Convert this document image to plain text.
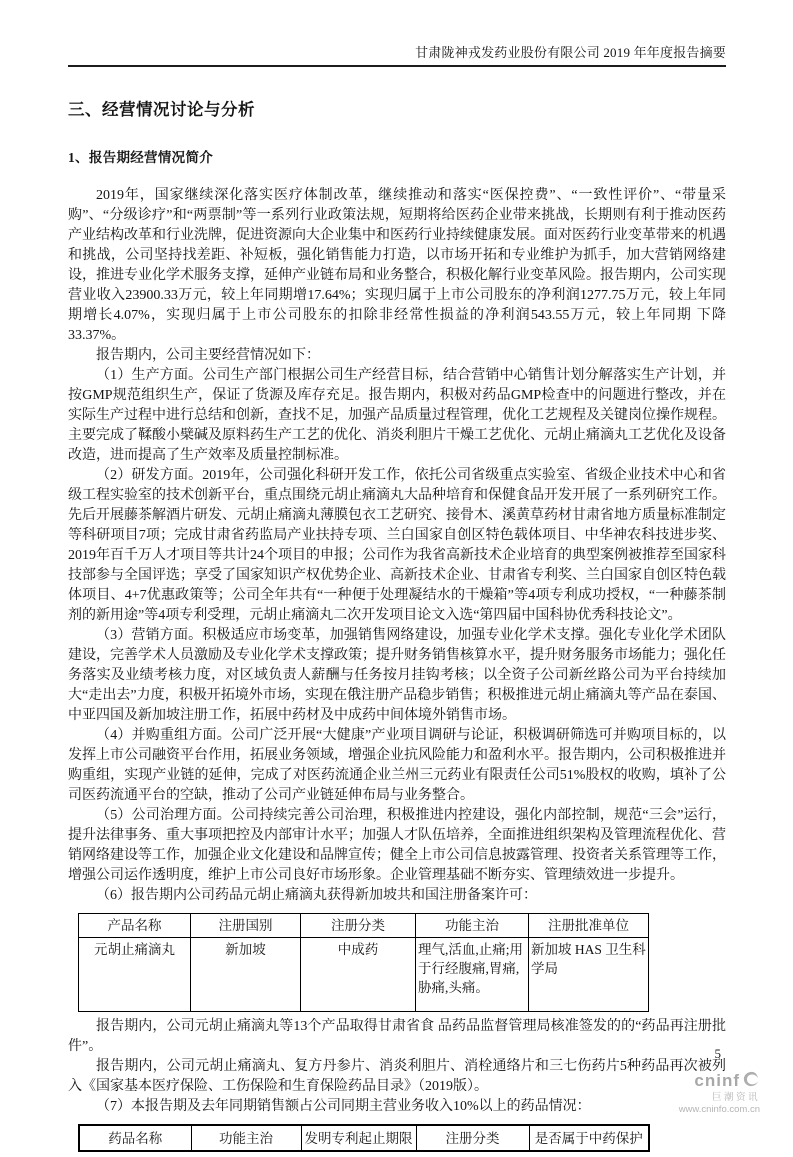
甘肃陇神戎发药业股份有限公司 2019 年年度报告摘要
三、经营情况讨论与分析
1、报告期经营情况简介

2019年，国家继续深化落实医疗体制改革，继续推动和落实“医保控费”、“一致性评价”、“带量采购”、“分级诊疗”和“两票制”等一系列行业政策法规，短期将给医药企业带来挑战，长期则有利于推动医药产业结构改革和行业洗牌，促进资源向大企业集中和医药行业持续健康发展。面对医药行业变革带来的机遇和挑战，公司坚持找差距、补短板，强化销售能力打造，以市场开拓和专业维护为抓手，加大营销网络建设，推进专业化学术服务支撑，延伸产业链布局和业务整合，积极化解行业变革风险。报告期内，公司实现营业收入23900.33万元，较上年同期增17.64%；实现归属于上市公司股东的净利润1277.75万元，较上年同期增长4.07%，实现归属于上市公司股东的扣除非经常性损益的净利润543.55万元，较上年同期 下降33.37%。

报告期内，公司主要经营情况如下：

（1）生产方面。公司生产部门根据公司生产经营目标，结合营销中心销售计划分解落实生产计划，并按GMP规范组织生产，保证了货源及库存充足。报告期内，积极对药品GMP检查中的问题进行整改，并在实际生产过程中进行总结和创新，查找不足，加强产品质量过程管理，优化工艺规程及关键岗位操作规程。主要完成了鞣酸小檗碱及原料药生产工艺的优化、消炎利胆片干燥工艺优化、元胡止痛滴丸工艺优化及设备改造，进而提高了生产效率及质量控制标准。

（2）研发方面。2019年，公司强化科研开发工作，依托公司省级重点实验室、省级企业技术中心和省级工程实验室的技术创新平台，重点围绕元胡止痛滴丸大品种培育和保健食品开发开展了一系列研究工作。先后开展藤茶解酒片研发、元胡止痛滴丸薄膜包衣工艺研究、接骨木、溪黄草药材甘肃省地方质量标准制定等科研项目7项；完成甘肃省药监局产业扶持专项、兰白国家自创区特色载体项目、中华神农科技进步奖、2019年百千万人才项目等共计24个项目的申报；公司作为我省高新技术企业培育的典型案例被推荐至国家科技部参与全国评选；享受了国家知识产权优势企业、高新技术企业、甘肃省专利奖、兰白国家自创区特色载体项目、4+7优惠政策等；公司全年共有“一种便于处理凝结水的干燥箱”等4项专利成功授权，“一种藤茶制剂的新用途”等4项专利受理，元胡止痛滴丸二次开发项目论文入选“第四届中国科协优秀科技论文”。

（3）营销方面。积极适应市场变革，加强销售网络建设，加强专业化学术支撑。强化专业化学术团队建设，完善学术人员激励及专业化学术支撑政策；提升财务销售核算水平，提升财务服务市场能力；强化任务落实及业绩考核力度，对区域负责人薪酬与任务按月挂钩考核；以全资子公司新丝路公司为平台持续加大“走出去”力度，积极开拓境外市场，实现在俄注册产品稳步销售；积极推进元胡止痛滴丸等产品在泰国、中亚四国及新加坡注册工作，拓展中药材及中成药中间体境外销售市场。

（4）并购重组方面。公司广泛开展“大健康”产业项目调研与论证，积极调研筛选可并购项目标的，以发挥上市公司融资平台作用，拓展业务领域，增强企业抗风险能力和盈利水平。报告期内，公司积极推进并购重组，实现产业链的延伸，完成了对医药流通企业兰州三元药业有限责任公司51%股权的收购，填补了公司医药流通平台的空缺，推动了公司产业链延伸布局与业务整合。

（5）公司治理方面。公司持续完善公司治理，积极推进内控建设，强化内部控制，规范“三会”运行，提升法律事务、重大事项把控及内部审计水平；加强人才队伍培养，全面推进组织架构及管理流程优化、营销网络建设等工作，加强企业文化建设和品牌宣传；健全上市公司信息披露管理、投资者关系管理等工作，增强公司运作透明度，维护上市公司良好市场形象。企业管理基础不断夯实、管理绩效进一步提升。

（6）报告期内公司药品元胡止痛滴丸获得新加坡共和国注册备案许可：

产品名称	注册国别	注册分类	功能主治	注册批准单位
元胡止痛滴丸	新加坡	中成药	理气,活血,止痛;用于行经腹痛,胃痛,胁痛,头痛。	新加坡 HAS 卫生科学局

报告期内，公司元胡止痛滴丸等13个产品取得甘肃省食 品药品监督管理局核准签发的的“药品再注册批件”。

报告期内，公司元胡止痛滴丸、复方丹参片、消炎利胆片、消栓通络片和三七伤药片5种药品再次被列入《国家基本医疗保险、工伤保险和生育保险药品目录》（2019版）。

（7）本报告期及去年同期销售额占公司同期主营业务收入10%以上的药品情况：

药品名称	功能主治	发明专利起止期限	注册分类	是否属于中药保护
5
cninf
巨潮资讯
www.cninfo.com.cn
